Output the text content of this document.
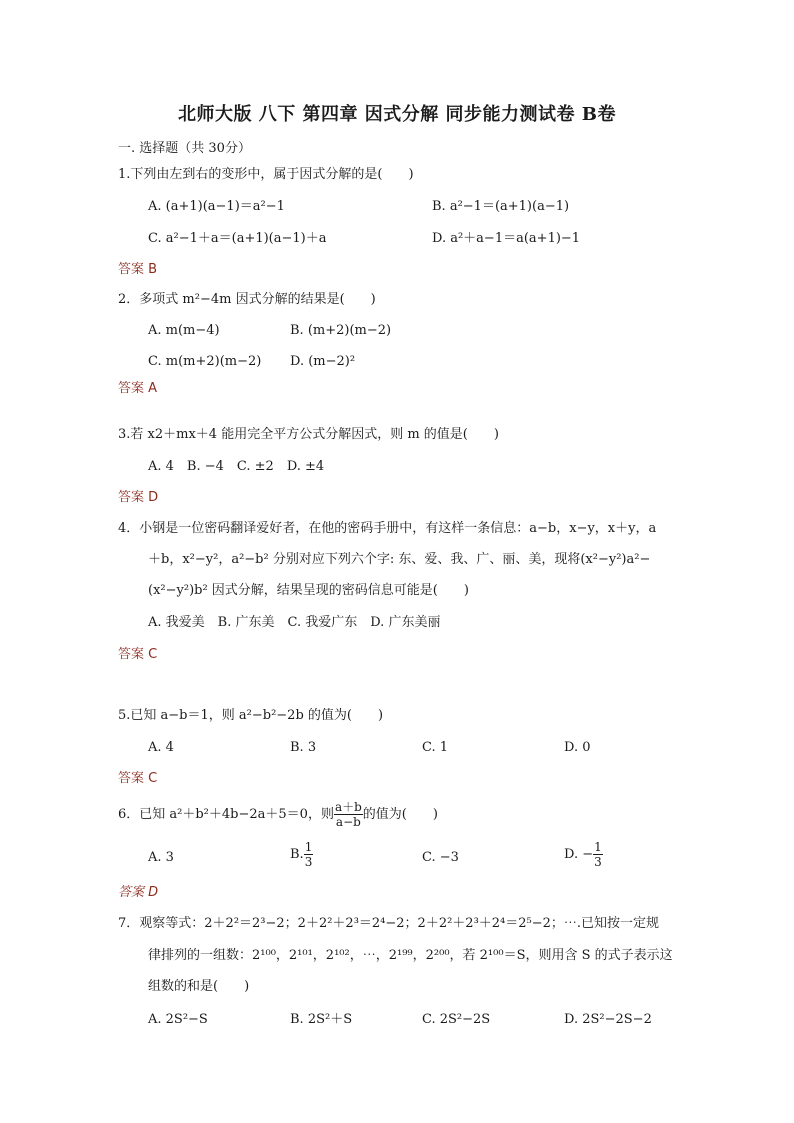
北师大版 八下 第四章 因式分解 同步能力测试卷 B卷
一. 选择题（共 30分）
1.下列由左到右的变形中，属于因式分解的是(　　)
A. (a+1)(a−1)＝a²−1	B. a²−1＝(a+1)(a−1)
C. a²−1＋a＝(a+1)(a−1)＋a	D. a²＋a−1＝a(a+1)−1
答案 B
2．多项式 m²−4m 因式分解的结果是(　　)
A. m(m−4)	B. (m+2)(m−2)
C. m(m+2)(m−2) D. (m−2)²
答案 A
3.若 x2＋mx＋4 能用完全平方公式分解因式，则 m 的值是(　　)
A. 4　B. −4　C. ±2　D. ±4
答案 D
4．小钢是一位密码翻译爱好者，在他的密码手册中，有这样一条信息：a−b，x−y，x＋y，a
＋b，x²−y²，a²−b² 分别对应下列六个字: 东、爱、我、广、丽、美，现将(x²−y²)a²−
(x²−y²)b² 因式分解，结果呈现的密码信息可能是(　　)
A. 我爱美　B. 广东美　C. 我爱广东　D. 广东美丽
答案 C
5.已知 a−b＝1，则 a²−b²−2b 的值为(　　)
A. 4	B. 3	C. 1	D. 0
答案 C
6．已知 a²＋b²＋4b−2a＋5＝0，则 $\frac{a+b}{a-b}$ 的值为(　　)
A. 3	B. $\frac{1}{3}$	C. −3	D. − $\frac{1}{3}$
答案 D
7．观察等式：2＋2²＝2³−2；2＋2²＋2³＝2⁴−2；2＋2²＋2³＋2⁴＝2⁵−2；⋯.已知按一定规
律排列的一组数：2¹⁰⁰，2¹⁰¹，2¹⁰²，⋯，2¹⁹⁹，2²⁰⁰，若 2¹⁰⁰＝S，则用含 S 的式子表示这
组数的和是(　　)
A. 2S²−S	B. 2S²＋S	C. 2S²−2S	D. 2S²−2S−2
